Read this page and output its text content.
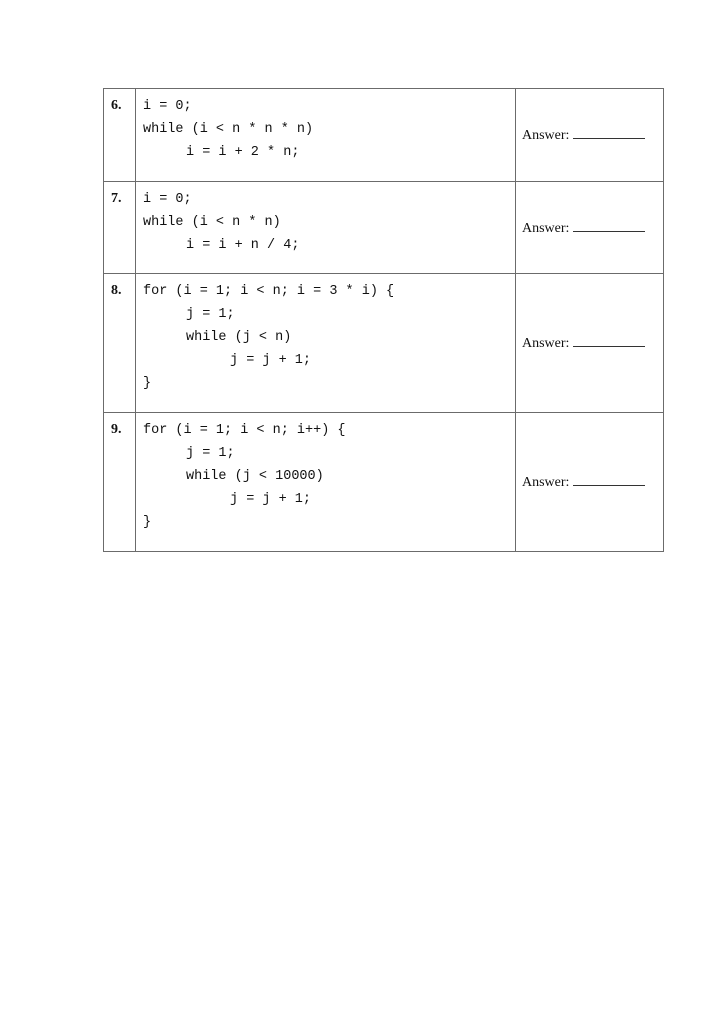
6.	i = 0;
while (i < n * n * n)
i = i + 2 * n;	Answer:
7.	i = 0;
while (i < n * n)
i = i + n / 4;	Answer:
8.	for (i = 1; i < n; i = 3 * i) {
j = 1;
while (j < n)
j = j + 1;
}	Answer:
9.	for (i = 1; i < n; i++) {
j = 1;
while (j < 10000)
j = j + 1;
}	Answer:
